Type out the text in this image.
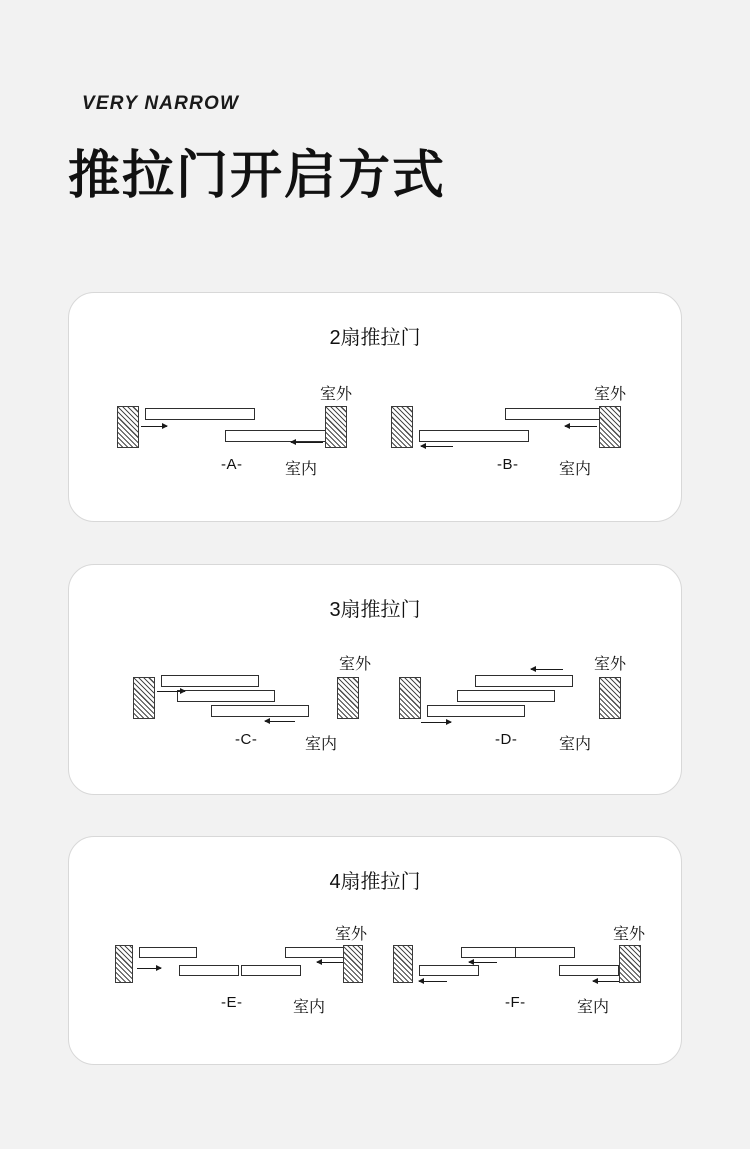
VERY NARROW
推拉门开启方式
2扇推拉门
室外
-A-	室内
室外
-B-	室内
3扇推拉门
室外
-C-	室内
室外
-D-	室内
4扇推拉门
室外
-E-	室内
室外
-F-	室内
